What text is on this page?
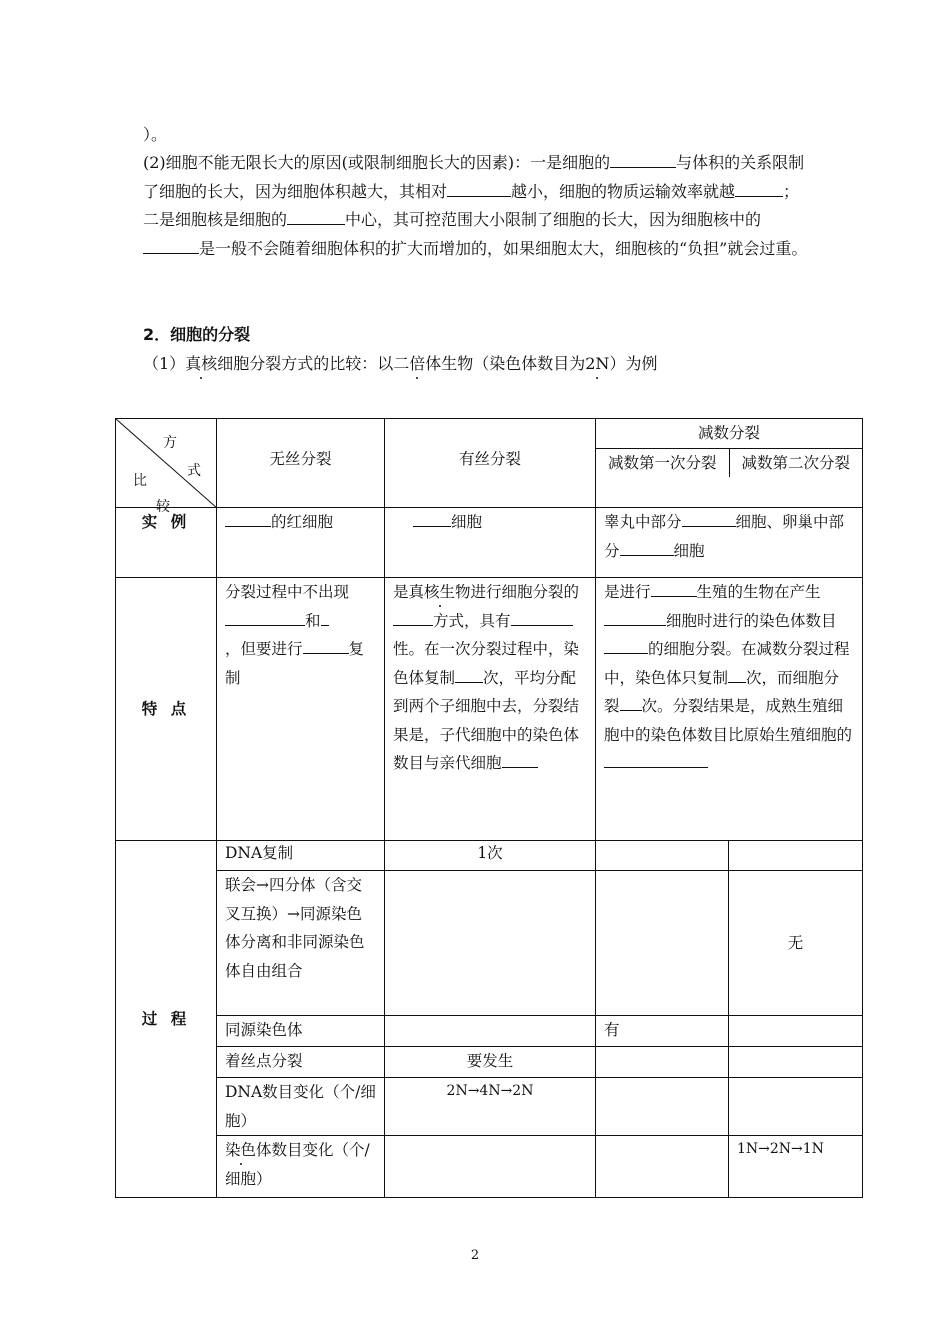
）。
(2)细胞不能无限长大的原因(或限制细胞长大的因素)：一是细胞的	与体积的关系限制了细胞的长大，因为细胞体积越大，其相对	越小，细胞的物质运输效率就越	；二是细胞核是细胞的	中心，其可控范围大小限制了细胞的长大，因为细胞核中的是一般不会随着细胞体积的扩大而增加的，如果细胞太大，细胞核的“负担”就会过重。
2．细胞的分裂
（1）真核细胞分裂方式的比较：以二倍体生物（染色体数目为2N）为例
方
式
比
较
	无丝分裂	有丝分裂	
减数分裂
减数第一次分裂	减数第二次分裂

实 例	的红细胞	细胞	睾丸中部分	细胞、卵巢中部分	细胞
特 点	分裂过程中不出现和
，但要进行	复制	是真核生物进行细胞分裂的方式，具有性。在一次分裂过程中，染色体复制 次，平均分配到两个子细胞中去，分裂结果是，子代细胞中的染色体数目与亲代细胞	是进行	生殖的生物在产生细胞时进行的染色体数目的细胞分裂。在减数分裂过程中，染色体只复制 次，而细胞分裂 次。分裂结果是，成熟生殖细胞中的染色体数目比原始生殖细胞的

过 程	DNA复制	1次		
联会→四分体（含交叉互换）→同源染色体分离和非同源染色体自由组合			无
同源染色体		有	
着丝点分裂	要发生		
DNA数目变化（个/细胞）	2N→4N→2N		
染色体数目变化（个/细胞）			1N→2N→1N
2
